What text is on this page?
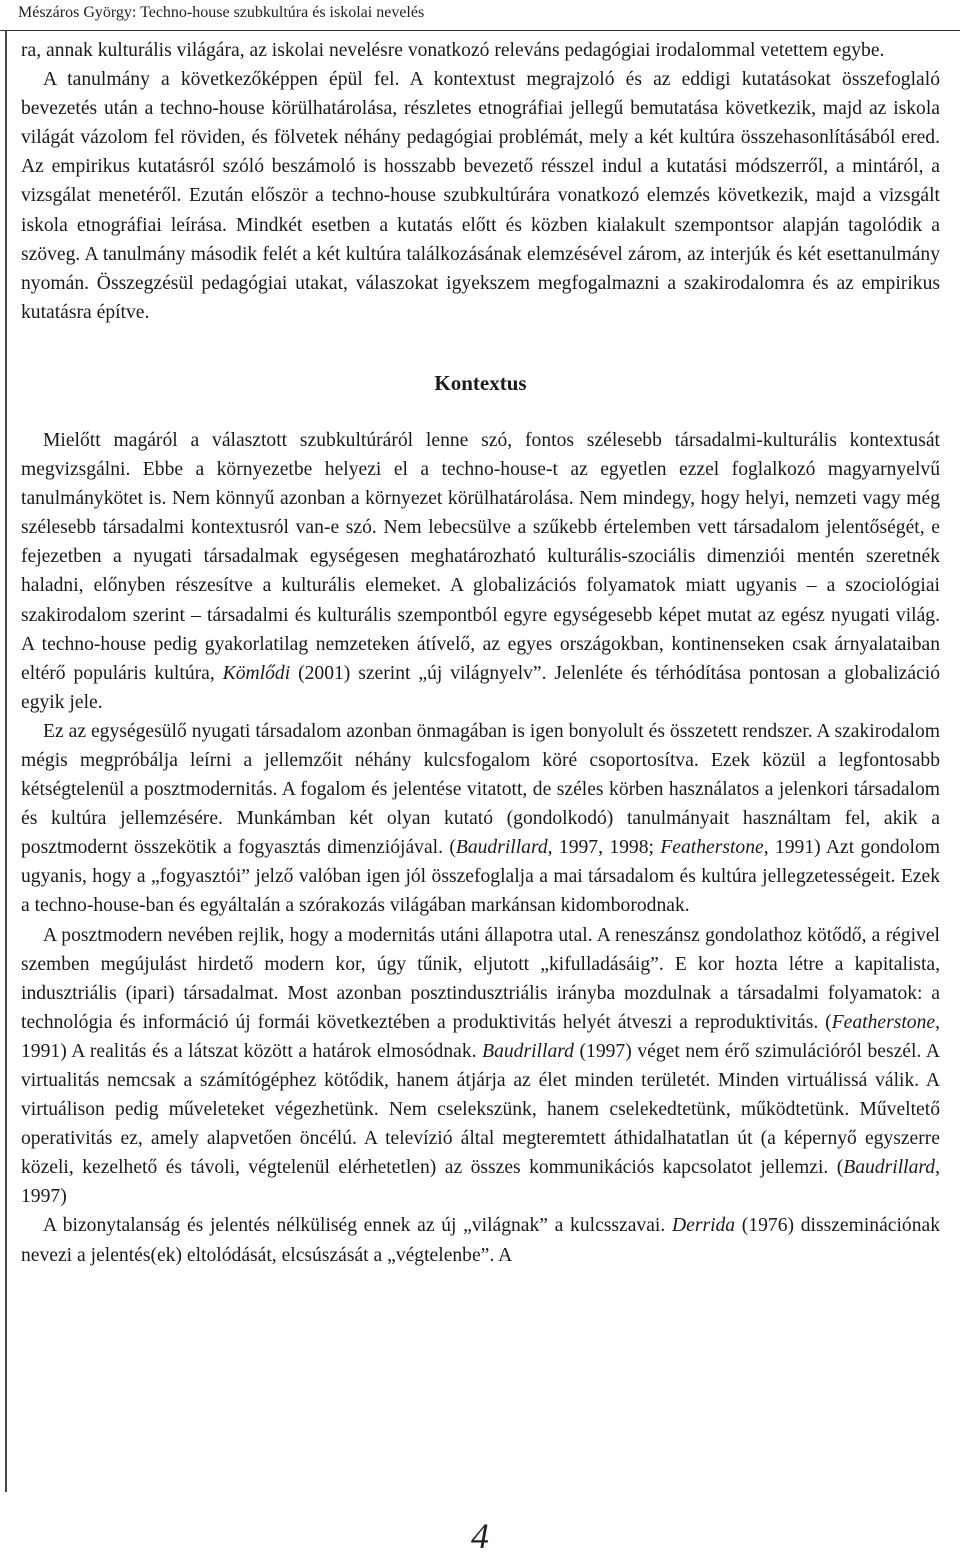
Mészáros György: Techno-house szubkultúra és iskolai nevelés

ra, annak kulturális világára, az iskolai nevelésre vonatkozó releváns pedagógiai irodalommal vetettem egybe.

A tanulmány a következőképpen épül fel. A kontextust megrajzoló és az eddigi kutatásokat összefoglaló bevezetés után a techno-house körülhatárolása, részletes etnográfiai jellegű bemutatása következik, majd az iskola világát vázolom fel röviden, és fölvetek néhány pedagógiai problémát, mely a két kultúra összehasonlításából ered. Az empirikus kutatásról szóló beszámoló is hosszabb bevezető résszel indul a kutatási módszerről, a mintáról, a vizsgálat menetéről. Ezután először a techno-house szubkultúrára vonatkozó elemzés következik, majd a vizsgált iskola etnográfiai leírása. Mindkét esetben a kutatás előtt és közben kialakult szempontsor alapján tagolódik a szöveg. A tanulmány második felét a két kultúra találkozásának elemzésével zárom, az interjúk és két esettanulmány nyomán. Összegzésül pedagógiai utakat, válaszokat igyekszem megfogalmazni a szakirodalomra és az empirikus kutatásra építve.

Kontextus

Mielőtt magáról a választott szubkultúráról lenne szó, fontos szélesebb társadalmi-kulturális kontextusát megvizsgálni. Ebbe a környezetbe helyezi el a techno-house-t az egyetlen ezzel foglalkozó magyarnyelvű tanulmánykötet is. Nem könnyű azonban a környezet körülhatárolása. Nem mindegy, hogy helyi, nemzeti vagy még szélesebb társadalmi kontextusról van-e szó. Nem lebecsülve a szűkebb értelemben vett társadalom jelentőségét, e fejezetben a nyugati társadalmak egységesen meghatározható kulturális-szociális dimenziói mentén szeretnék haladni, előnyben részesítve a kulturális elemeket. A globalizációs folyamatok miatt ugyanis – a szociológiai szakirodalom szerint – társadalmi és kulturális szempontból egyre egységesebb képet mutat az egész nyugati világ. A techno-house pedig gyakorlatilag nemzeteken átívelő, az egyes országokban, kontinenseken csak árnyalataiban eltérő populáris kultúra, Kömlődi (2001) szerint „új világnyelv”. Jelenléte és térhódítása pontosan a globalizáció egyik jele.

Ez az egységesülő nyugati társadalom azonban önmagában is igen bonyolult és összetett rendszer. A szakirodalom mégis megpróbálja leírni a jellemzőit néhány kulcsfogalom köré csoportosítva. Ezek közül a legfontosabb kétségtelenül a posztmodernitás. A fogalom és jelentése vitatott, de széles körben használatos a jelenkori társadalom és kultúra jellemzésére. Munkámban két olyan kutató (gondolkodó) tanulmányait használtam fel, akik a posztmodernt összekötik a fogyasztás dimenziójával. (Baudrillard, 1997, 1998; Featherstone, 1991) Azt gondolom ugyanis, hogy a „fogyasztói” jelző valóban igen jól összefoglalja a mai társadalom és kultúra jellegzetességeit. Ezek a techno-house-ban és egyáltalán a szórakozás világában markánsan kidomborodnak.

A posztmodern nevében rejlik, hogy a modernitás utáni állapotra utal. A reneszánsz gondolathoz kötődő, a régivel szemben megújulást hirdető modern kor, úgy tűnik, eljutott „kifulladásáig”. E kor hozta létre a kapitalista, indusztriális (ipari) társadalmat. Most azonban posztindusztriális irányba mozdulnak a társadalmi folyamatok: a technológia és információ új formái következtében a produktivitás helyét átveszi a reproduktivitás. (Featherstone, 1991) A realitás és a látszat között a határok elmosódnak. Baudrillard (1997) véget nem érő szimulációról beszél. A virtualitás nemcsak a számítógéphez kötődik, hanem átjárja az élet minden területét. Minden virtuálissá válik. A virtuálison pedig műveleteket végezhetünk. Nem cselekszünk, hanem cselekedtetünk, működtetünk. Műveltető operativitás ez, amely alapvetően öncélú. A televízió által megteremtett áthidalhatatlan út (a képernyő egyszerre közeli, kezelhető és távoli, végtelenül elérhetetlen) az összes kommunikációs kapcsolatot jellemzi. (Baudrillard, 1997)

A bizonytalanság és jelentés nélküliség ennek az új „világnak” a kulcsszavai. Derrida (1976) disszeminációnak nevezi a jelentés(ek) eltolódását, elcsúszását a „végtelenbe”. A

4
